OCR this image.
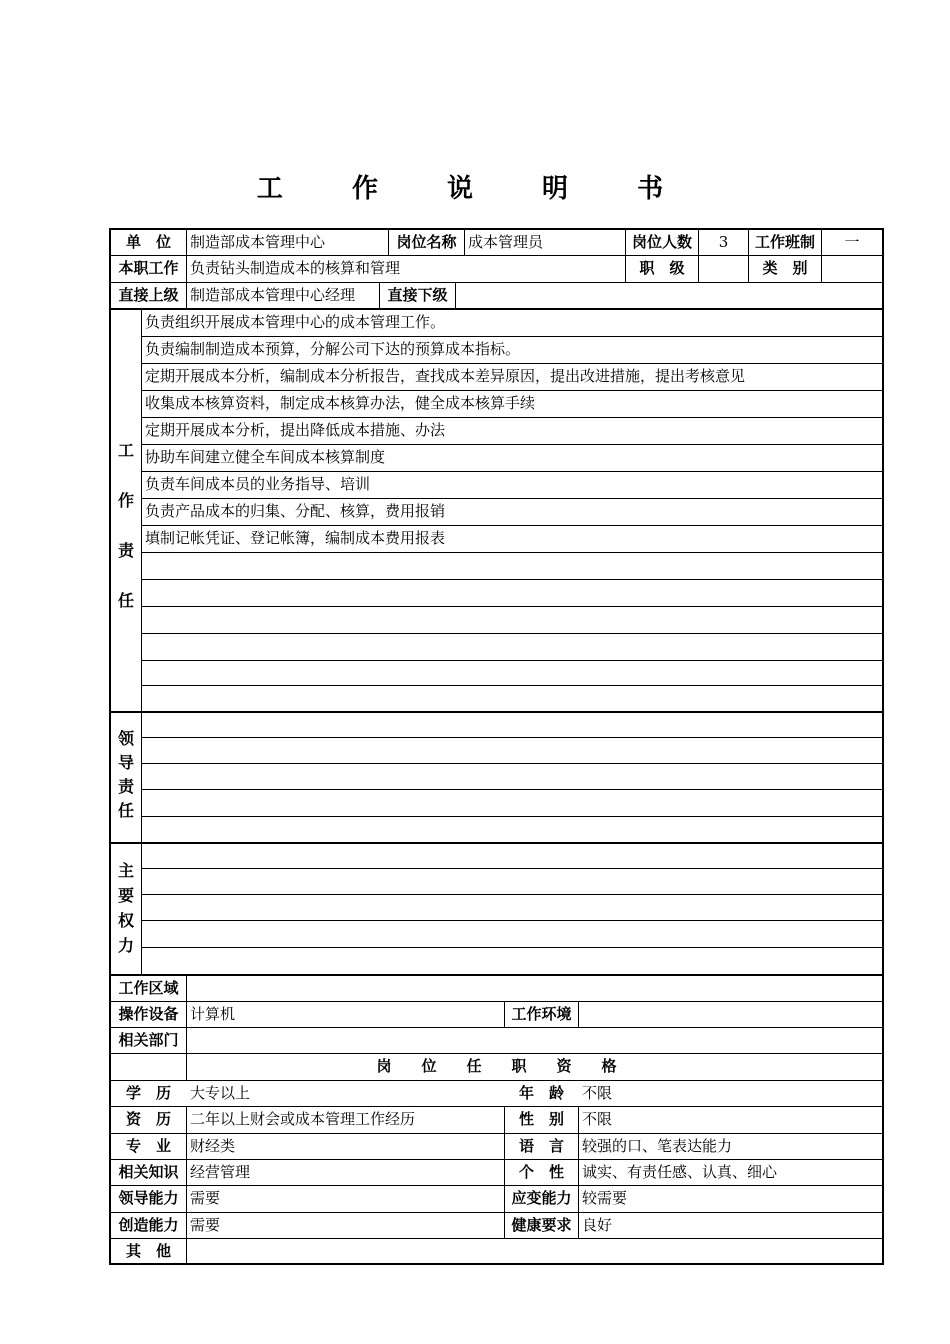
工 作 说 明 书
单　位	制造部成本管理中心	岗位名称 成本管理员	岗位人数	3	工作班制	一
本职工作 负责钻头制造成本的核算和管理	职　级	类　别
直接上级 制造部成本管理中心经理	直接下级
工
作
责
任
负责组织开展成本管理中心的成本管理工作。
负责编制制造成本预算，分解公司下达的预算成本指标。
定期开展成本分析，编制成本分析报告，查找成本差异原因，提出改进措施，提出考核意见
收集成本核算资料，制定成本核算办法，健全成本核算手续
定期开展成本分析，提出降低成本措施、办法
协助车间建立健全车间成本核算制度
负责车间成本员的业务指导、培训
负责产品成本的归集、分配、核算，费用报销
填制记帐凭证、登记帐簿，编制成本费用报表
领
导
责
任
主
要
权
力
工作区域
操作设备 计算机	工作环境
相关部门
岗　　位　　任　　职　　资　　格
学　历	大专以上	年　龄	不限
资　历	二年以上财会或成本管理工作经历	性　别	不限
专　业	财经类	语　言	较强的口、笔表达能力
相关知识 经营管理	个　性	诚实、有责任感、认真、细心
领导能力 需要	应变能力 较需要
创造能力 需要	健康要求 良好
其　他
